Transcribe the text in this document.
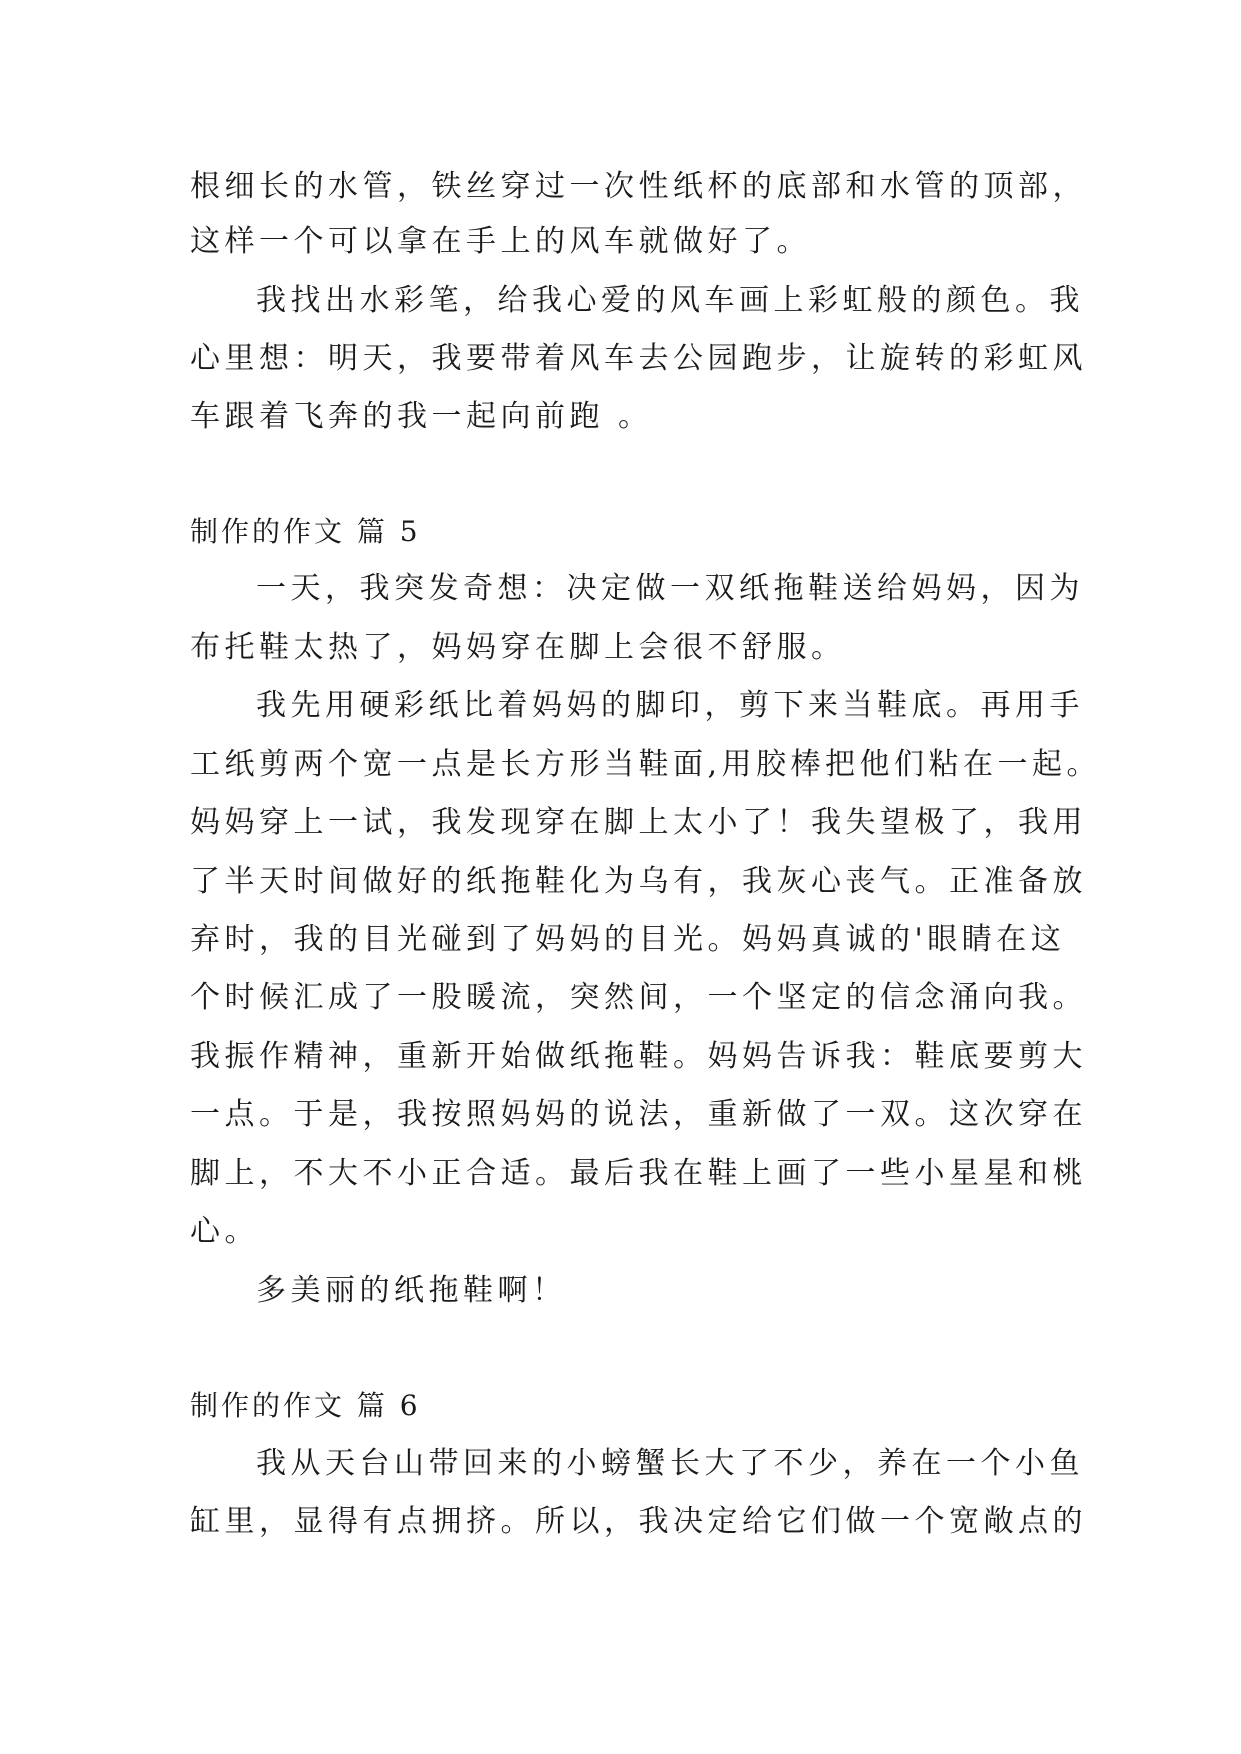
根细长的水管，铁丝穿过一次性纸杯的底部和水管的顶部，
这样一个可以拿在手上的风车就做好了。
我找出水彩笔，给我心爱的风车画上彩虹般的颜色。我
心里想：明天，我要带着风车去公园跑步，让旋转的彩虹风
车跟着飞奔的我一起向前跑 。
制作的作文 篇 5
一天，我突发奇想：决定做一双纸拖鞋送给妈妈，因为
布托鞋太热了，妈妈穿在脚上会很不舒服。
我先用硬彩纸比着妈妈的脚印，剪下来当鞋底。再用手
工纸剪两个宽一点是长方形当鞋面,用胶棒把他们粘在一起。
妈妈穿上一试，我发现穿在脚上太小了！我失望极了，我用
了半天时间做好的纸拖鞋化为乌有，我灰心丧气。正准备放
弃时，我的目光碰到了妈妈的目光。妈妈真诚的'眼睛在这
个时候汇成了一股暖流，突然间，一个坚定的信念涌向我。
我振作精神，重新开始做纸拖鞋。妈妈告诉我：鞋底要剪大
一点。于是，我按照妈妈的说法，重新做了一双。这次穿在
脚上，不大不小正合适。最后我在鞋上画了一些小星星和桃
心。
多美丽的纸拖鞋啊！
制作的作文 篇 6
我从天台山带回来的小螃蟹长大了不少，养在一个小鱼
缸里，显得有点拥挤。所以，我决定给它们做一个宽敞点的
